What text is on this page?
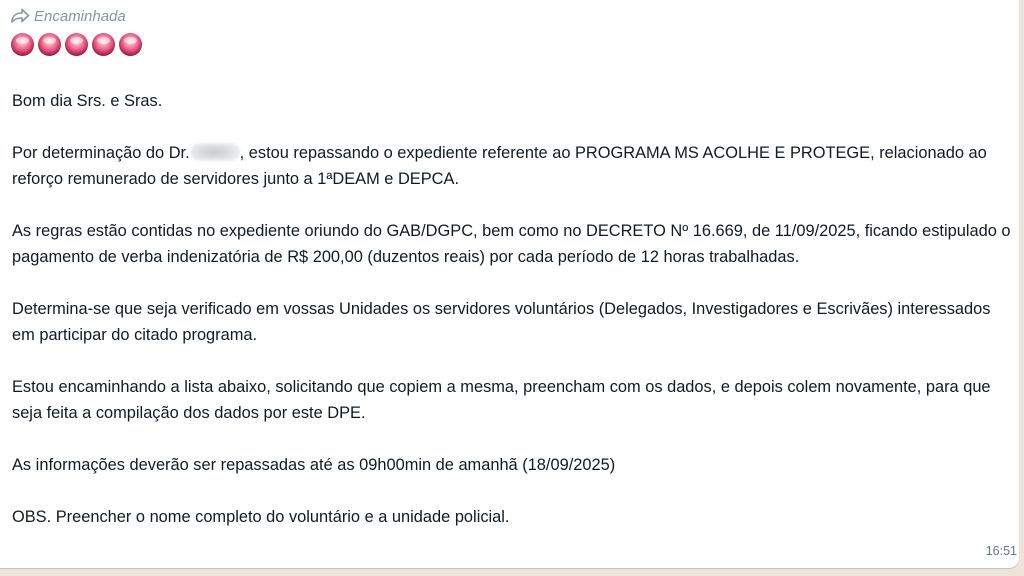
Encaminhada

Bom dia Srs. e Sras.

Por determinação do Dr.	, estou repassando o expediente referente ao PROGRAMA MS ACOLHE E PROTEGE, relacionado ao reforço remunerado de servidores junto a 1ªDEAM e DEPCA.

As regras estão contidas no expediente oriundo do GAB/DGPC, bem como no DECRETO Nº 16.669, de 11/09/2025, ficando estipulado o pagamento de verba indenizatória de R$ 200,00 (duzentos reais) por cada período de 12 horas trabalhadas.

Determina-se que seja verificado em vossas Unidades os servidores voluntários (Delegados, Investigadores e Escrivães) interessados em participar do citado programa.

Estou encaminhando a lista abaixo, solicitando que copiem a mesma, preencham com os dados, e depois colem novamente, para que seja feita a compilação dos dados por este DPE.

As informações deverão ser repassadas até as 09h00min de amanhã (18/09/2025)

OBS. Preencher o nome completo do voluntário e a unidade policial.

16:51
